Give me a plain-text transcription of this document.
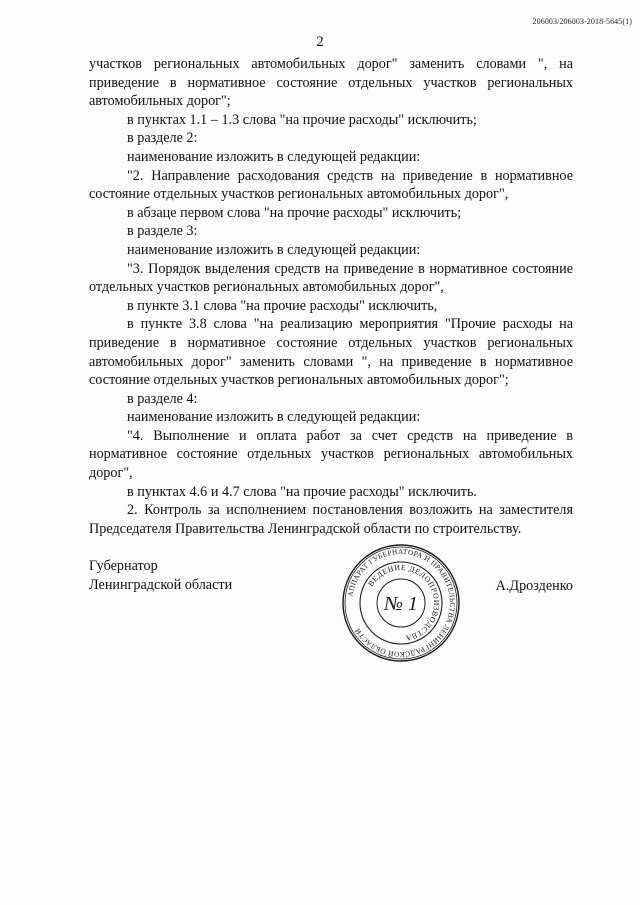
206003/206003-2018-5645(1)
2

участков региональных автомобильных дорог" заменить словами ", на приведение в нормативное состояние отдельных участков региональных автомобильных дорог";

в пунктах 1.1 – 1.3 слова "на прочие расходы" исключить;

в разделе 2:

наименование изложить в следующей редакции:

"2. Направление расходования средств на приведение в нормативное состояние отдельных участков региональных автомобильных дорог",

в абзаце первом слова "на прочие расходы" исключить;

в разделе 3:

наименование изложить в следующей редакции:

"3. Порядок выделения средств на приведение в нормативное состояние отдельных участков региональных автомобильных дорог",

в пункте 3.1 слова "на прочие расходы" исключить,

в пункте 3.8 слова "на реализацию мероприятия "Прочие расходы на приведение в нормативное состояние отдельных участков региональных автомобильных дорог" заменить словами ", на приведение в нормативное состояние отдельных участков региональных автомобильных дорог";

в разделе 4:

наименование изложить в следующей редакции:

"4. Выполнение и оплата работ за счет средств на приведение в нормативное состояние отдельных участков региональных автомобильных дорог",

в пунктах 4.6 и 4.7 слова "на прочие расходы" исключить.

2. Контроль за исполнением постановления возложить на заместителя Председателя Правительства Ленинградской области по строительству.

Губернатор
Ленинградской области
АППАРАТ ГУБЕРНАТОРА И ПРАВИТЕЛЬСТВА ЛЕНИНГРАДСКОЙ ОБЛАСТИ
ВЕДЕНИЕ ДЕЛОПРОИЗВОДСТВА
№ 1
А.Дрозденко
